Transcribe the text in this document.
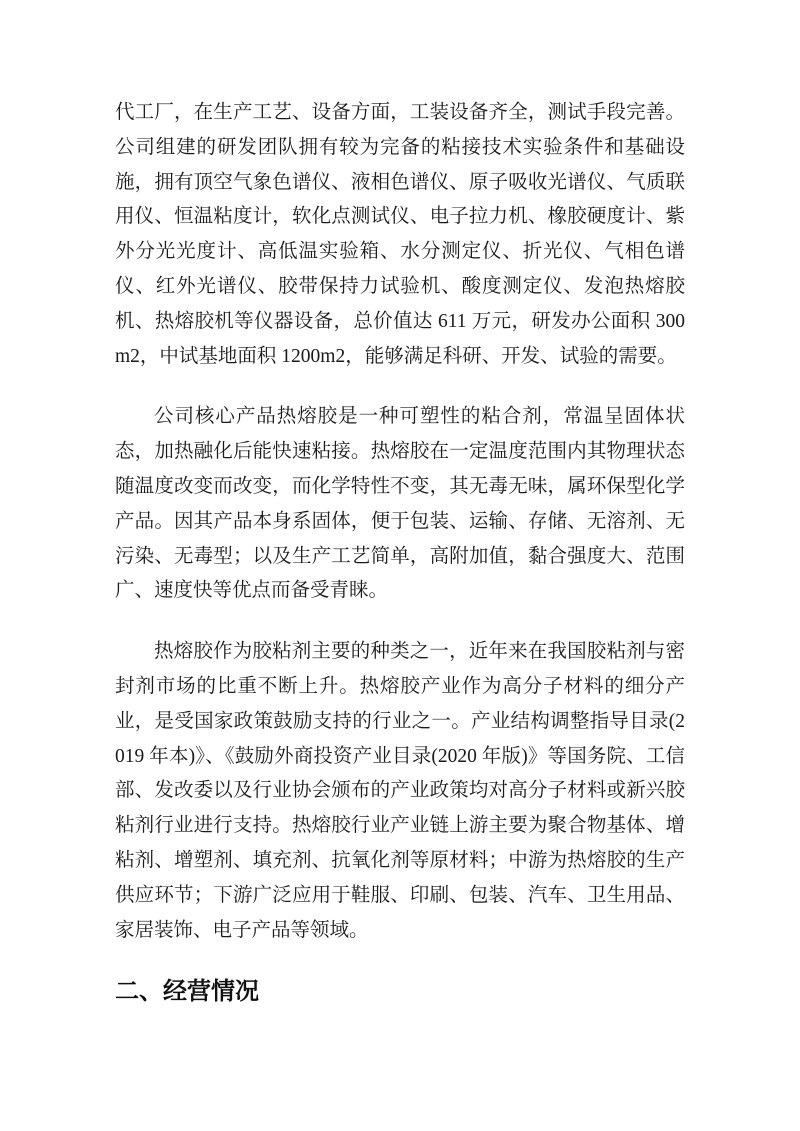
代工厂，在生产工艺、设备方面，工装设备齐全，测试手段完善。公司组建的研发团队拥有较为完备的粘接技术实验条件和基础设施，拥有顶空气象色谱仪、液相色谱仪、原子吸收光谱仪、气质联用仪、恒温粘度计，软化点测试仪、电子拉力机、橡胶硬度计、紫外分光光度计、高低温实验箱、水分测定仪、折光仪、气相色谱仪、红外光谱仪、胶带保持力试验机、酸度测定仪、发泡热熔胶机、热熔胶机等仪器设备，总价值达 611 万元，研发办公面积 300m2，中试基地面积 1200m2，能够满足科研、开发、试验的需要。

公司核心产品热熔胶是一种可塑性的粘合剂，常温呈固体状态，加热融化后能快速粘接。热熔胶在一定温度范围内其物理状态随温度改变而改变，而化学特性不变，其无毒无味，属环保型化学产品。因其产品本身系固体，便于包装、运输、存储、无溶剂、无污染、无毒型；以及生产工艺简单，高附加值，黏合强度大、范围广、速度快等优点而备受青睐。

热熔胶作为胶粘剂主要的种类之一，近年来在我国胶粘剂与密封剂市场的比重不断上升。热熔胶产业作为高分子材料的细分产业，是受国家政策鼓励支持的行业之一。产业结构调整指导目录(2019 年本)》、《鼓励外商投资产业目录(2020 年版)》等国务院、工信部、发改委以及行业协会颁布的产业政策均对高分子材料或新兴胶粘剂行业进行支持。热熔胶行业产业链上游主要为聚合物基体、增粘剂、增塑剂、填充剂、抗氧化剂等原材料；中游为热熔胶的生产供应环节；下游广泛应用于鞋服、印刷、包装、汽车、卫生用品、家居装饰、电子产品等领域。

二、经营情况
